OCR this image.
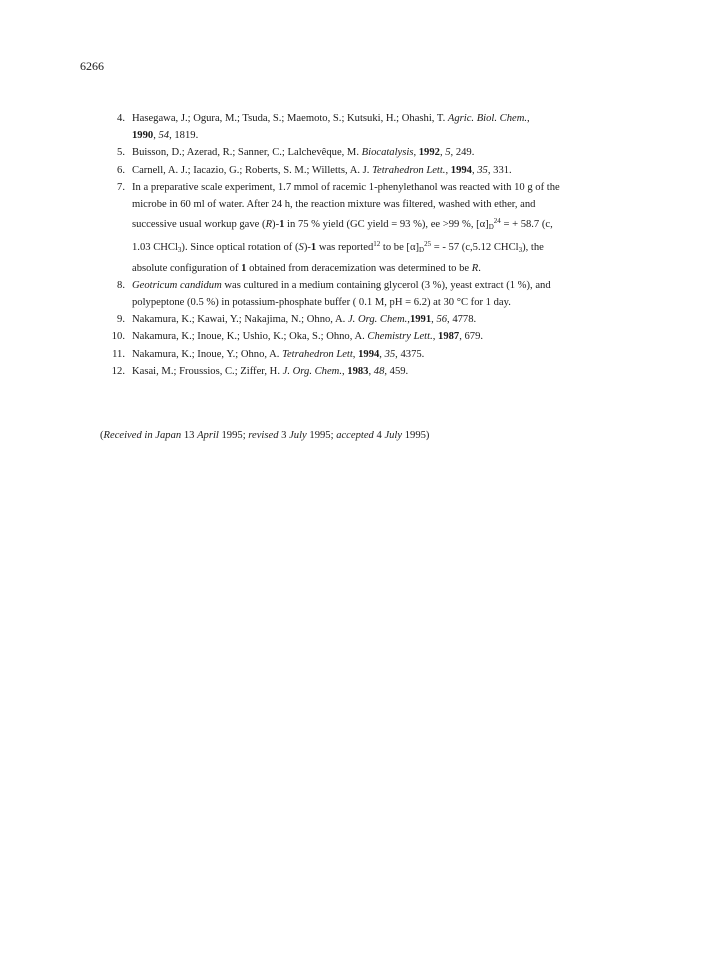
6266
4. Hasegawa, J.; Ogura, M.; Tsuda, S.; Maemoto, S.; Kutsuki, H.; Ohashi, T. Agric. Biol. Chem.,
1990, 54, 1819.
5. Buisson, D.; Azerad, R.; Sanner, C.; Lalchevêque, M. Biocatalysis, 1992, 5, 249.
6. Carnell, A. J.; Iacazio, G.; Roberts, S. M.; Willetts, A. J. Tetrahedron Lett., 1994, 35, 331.
7. In a preparative scale experiment, 1.7 mmol of racemic 1-phenylethanol was reacted with 10 g of the
microbe in 60 ml of water. After 24 h, the reaction mixture was filtered, washed with ether, and
successive usual workup gave (R)-1 in 75 % yield (GC yield = 93 %), ee >99 %, $[\alpha]_D^{24}$ = + 58.7 (c,
1.03 CHCl$_3$). Since optical rotation of (S)-1 was reported$^{12}$ to be $[\alpha]_D^{25}$ = - 57 (c,5.12 CHCl$_3$), the
absolute configuration of 1 obtained from deracemization was determined to be R.
8. Geotricum candidum was cultured in a medium containing glycerol (3 %), yeast extract (1 %), and
polypeptone (0.5 %) in potassium-phosphate buffer ( 0.1 M, pH = 6.2) at 30 °C for 1 day.
9. Nakamura, K.; Kawai, Y.; Nakajima, N.; Ohno, A. J. Org. Chem.,1991, 56, 4778.
10. Nakamura, K.; Inoue, K.; Ushio, K.; Oka, S.; Ohno, A. Chemistry Lett., 1987, 679.
11. Nakamura, K.; Inoue, Y.; Ohno, A. Tetrahedron Lett, 1994, 35, 4375.
12. Kasai, M.; Froussios, C.; Ziffer, H. J. Org. Chem., 1983, 48, 459.
(Received in Japan 13 April 1995; revised 3 July 1995; accepted 4 July 1995)
